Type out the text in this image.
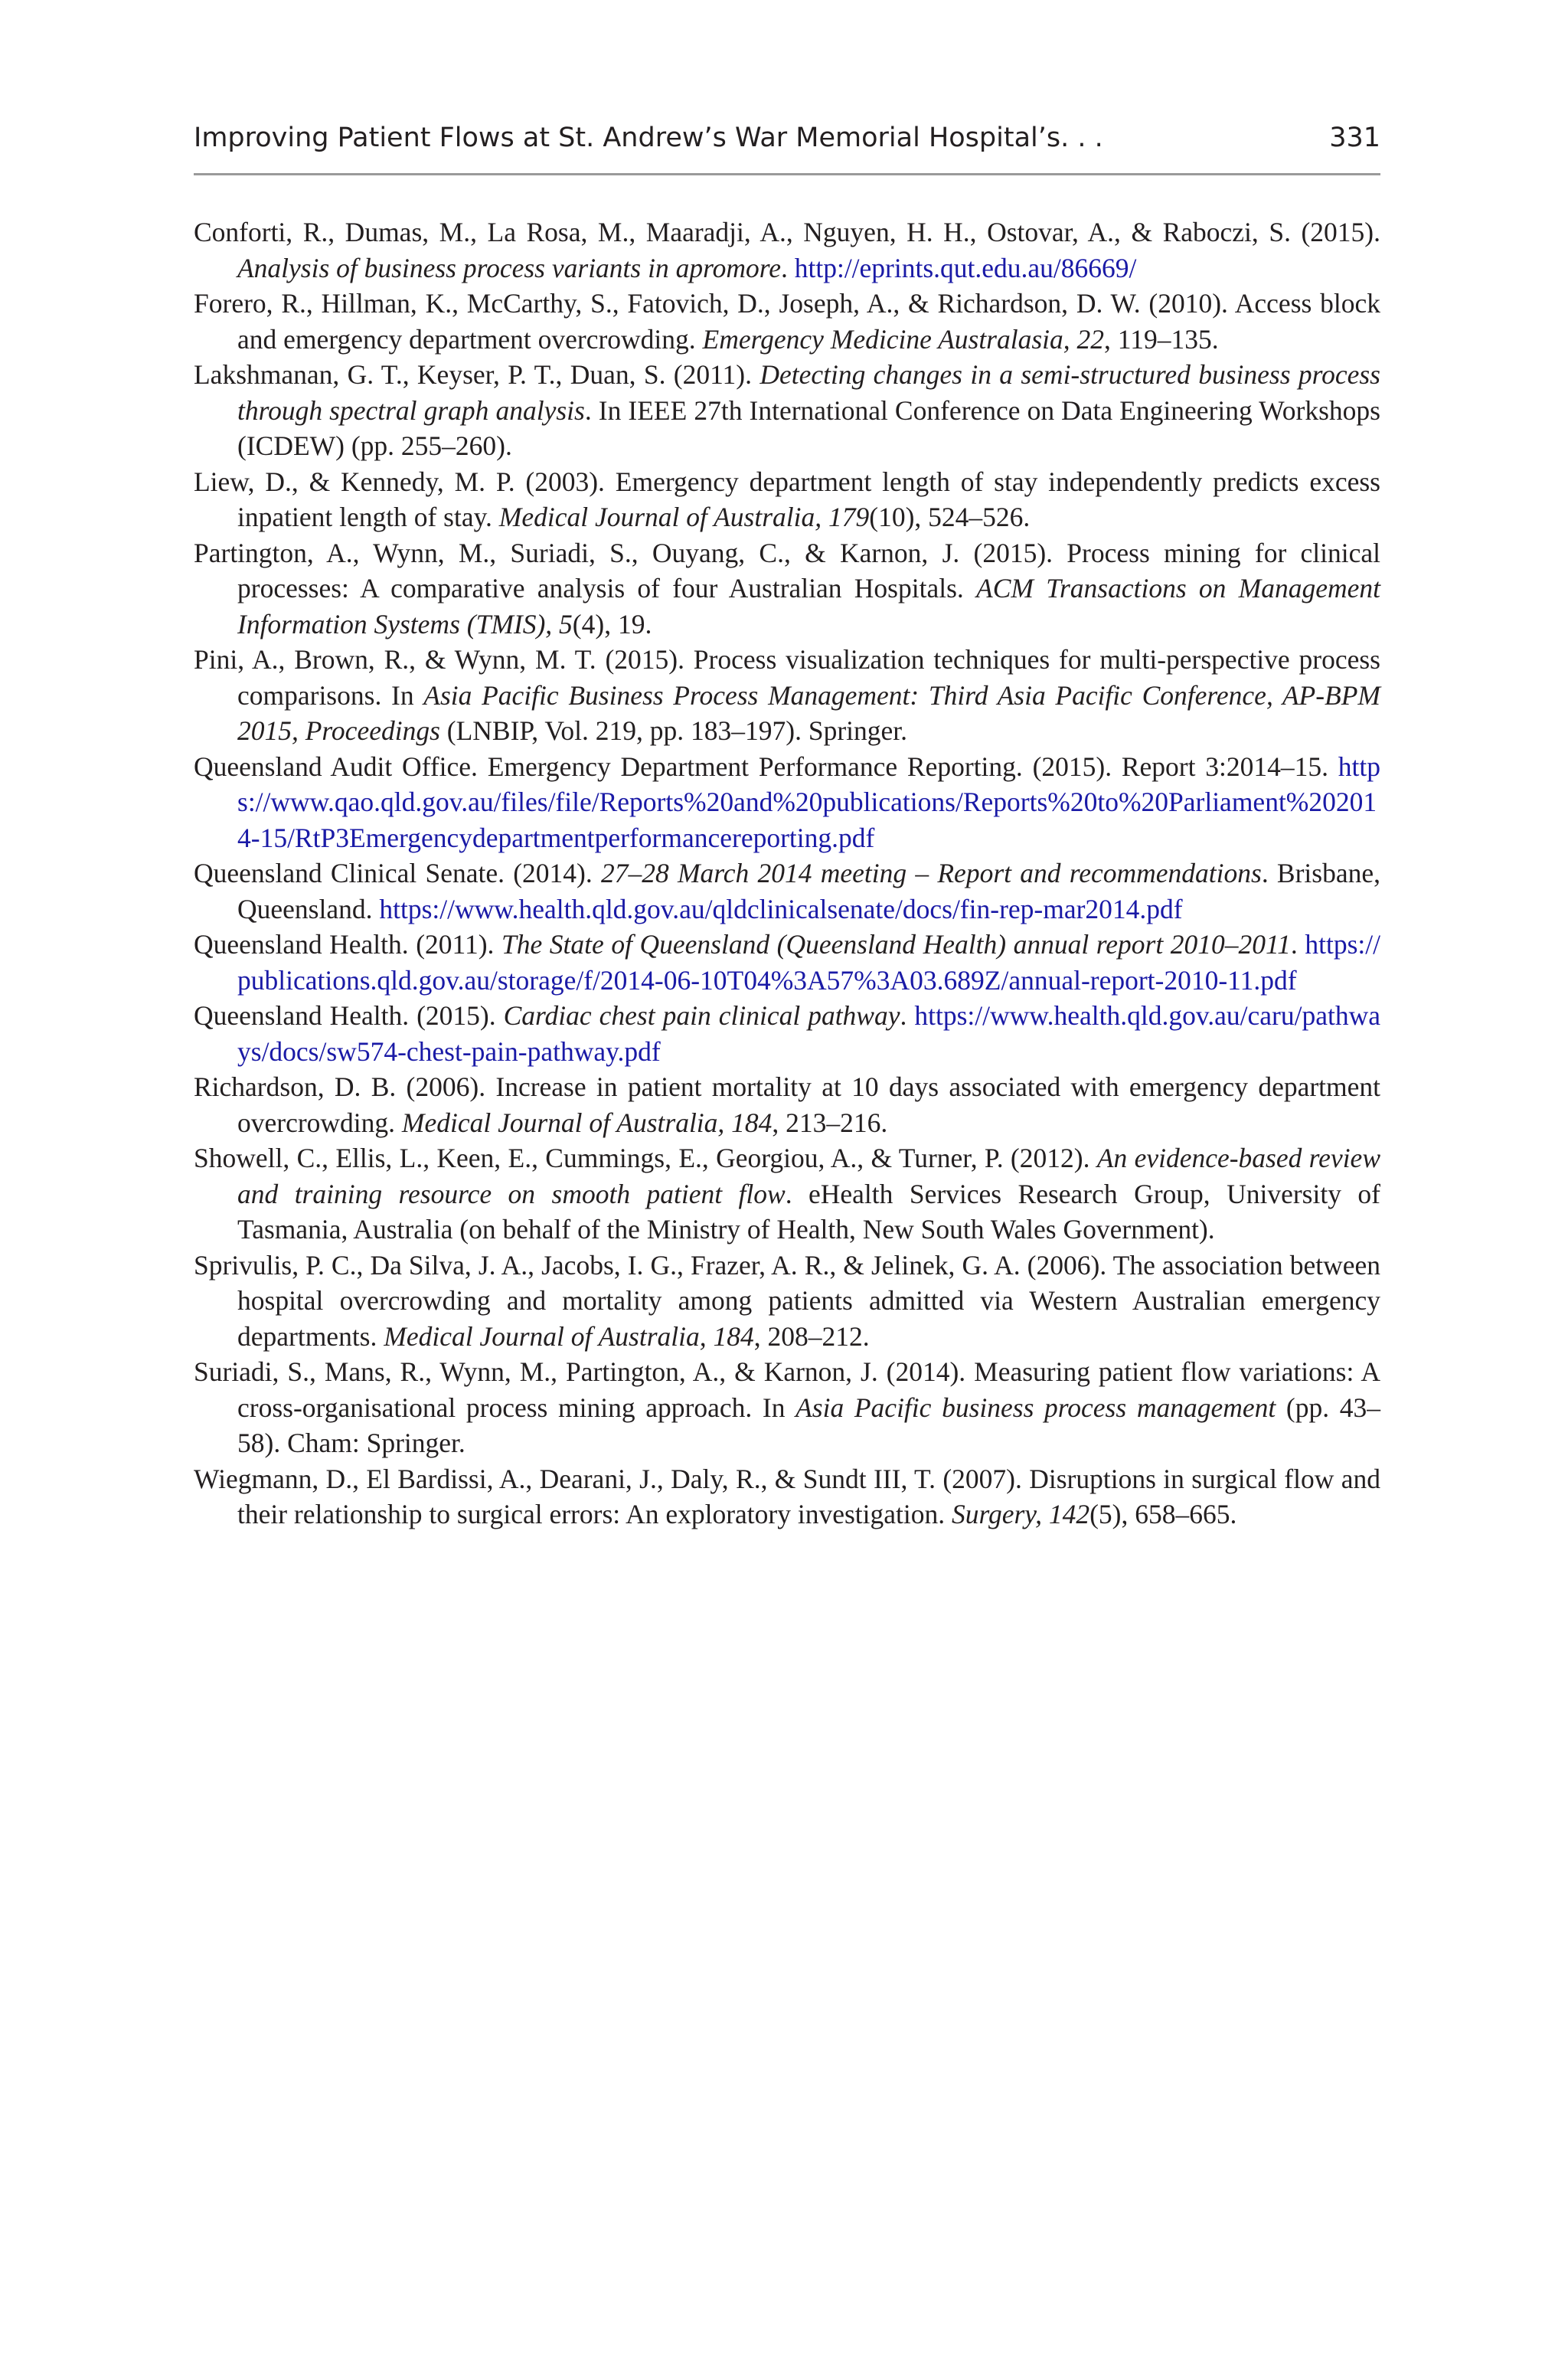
Improving Patient Flows at St. Andrew’s War Memorial Hospital’s. . .	331
Conforti, R., Dumas, M., La Rosa, M., Maaradji, A., Nguyen, H. H., Ostovar, A., & Raboczi, S. (2015). Analysis of business process variants in apromore. http://eprints.qut.edu.au/86669/
Forero, R., Hillman, K., McCarthy, S., Fatovich, D., Joseph, A., & Richardson, D. W. (2010). Access block and emergency department overcrowding. Emergency Medicine Australasia, 22, 119–135.
Lakshmanan, G. T., Keyser, P. T., Duan, S. (2011). Detecting changes in a semi-structured business process through spectral graph analysis. In IEEE 27th International Conference on Data Engineering Workshops (ICDEW) (pp. 255–260).
Liew, D., & Kennedy, M. P. (2003). Emergency department length of stay independently predicts excess inpatient length of stay. Medical Journal of Australia, 179(10), 524–526.
Partington, A., Wynn, M., Suriadi, S., Ouyang, C., & Karnon, J. (2015). Process mining for clinical processes: A comparative analysis of four Australian Hospitals. ACM Transactions on Management Information Systems (TMIS), 5(4), 19.
Pini, A., Brown, R., & Wynn, M. T. (2015). Process visualization techniques for multi-perspective process comparisons. In Asia Pacific Business Process Management: Third Asia Pacific Conference, AP-BPM 2015, Proceedings (LNBIP, Vol. 219, pp. 183–197). Springer.
Queensland Audit Office. Emergency Department Performance Reporting. (2015). Report 3:2014–15. https://www.qao.qld.gov.au/files/file/Reports%20and%20publications/Reports%20to%20Parliament%202014-15/RtP3Emergencydepartmentperformancereporting.pdf
Queensland Clinical Senate. (2014). 27–28 March 2014 meeting – Report and recommendations. Brisbane, Queensland. https://www.health.qld.gov.au/qldclinicalsenate/docs/fin-rep-mar2014.pdf
Queensland Health. (2011). The State of Queensland (Queensland Health) annual report 2010–2011. https://publications.qld.gov.au/storage/f/2014-06-10T04%3A57%3A03.689Z/annual-report-2010-11.pdf
Queensland Health. (2015). Cardiac chest pain clinical pathway. https://www.health.qld.gov.au/caru/pathways/docs/sw574-chest-pain-pathway.pdf
Richardson, D. B. (2006). Increase in patient mortality at 10 days associated with emergency department overcrowding. Medical Journal of Australia, 184, 213–216.
Showell, C., Ellis, L., Keen, E., Cummings, E., Georgiou, A., & Turner, P. (2012). An evidence-based review and training resource on smooth patient flow. eHealth Services Research Group, University of Tasmania, Australia (on behalf of the Ministry of Health, New South Wales Government).
Sprivulis, P. C., Da Silva, J. A., Jacobs, I. G., Frazer, A. R., & Jelinek, G. A. (2006). The association between hospital overcrowding and mortality among patients admitted via Western Australian emergency departments. Medical Journal of Australia, 184, 208–212.
Suriadi, S., Mans, R., Wynn, M., Partington, A., & Karnon, J. (2014). Measuring patient flow variations: A cross-organisational process mining approach. In Asia Pacific business process management (pp. 43–58). Cham: Springer.
Wiegmann, D., El Bardissi, A., Dearani, J., Daly, R., & Sundt III, T. (2007). Disruptions in surgical flow and their relationship to surgical errors: An exploratory investigation. Surgery, 142(5), 658–665.
